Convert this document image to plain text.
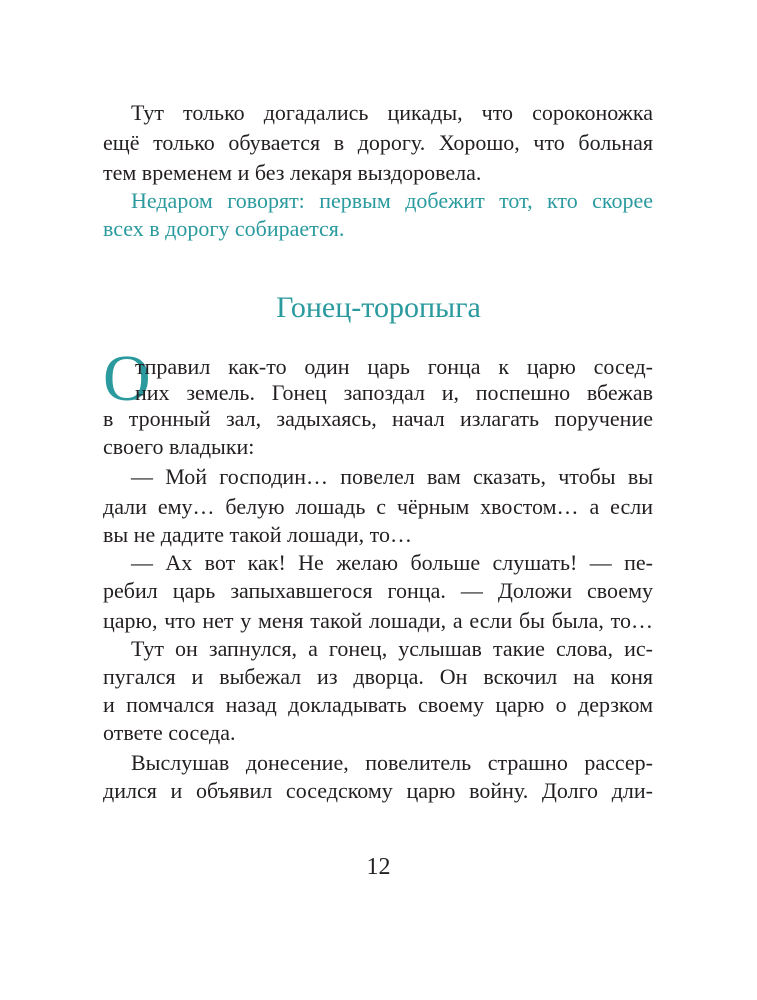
Тут только догадались цикады, что сороконожка
ещё только обувается в дорогу. Хорошо, что больная
тем временем и без лекаря выздоровела.
Недаром говорят: первым добежит тот, кто скорее
всех в дорогу собирается.
Гонец-торопыга
О
тправил как-то один царь гонца к царю сосед-
них земель. Гонец запоздал и, поспешно вбежав
в тронный зал, задыхаясь, начал излагать поручение
своего владыки:
— Мой господин… повелел вам сказать, чтобы вы
дали ему… белую лошадь с чёрным хвостом… а если
вы не дадите такой лошади, то…
— Ах вот как! Не желаю больше слушать! — пе-
ребил царь запыхавшегося гонца. — Доложи своему
царю, что нет у меня такой лошади, а если бы была, то…
Тут он запнулся, а гонец, услышав такие слова, ис-
пугался и выбежал из дворца. Он вскочил на коня
и помчался назад докладывать своему царю о дерзком
ответе соседа.
Выслушав донесение, повелитель страшно рассер-
дился и объявил соседскому царю войну. Долго дли-
12
